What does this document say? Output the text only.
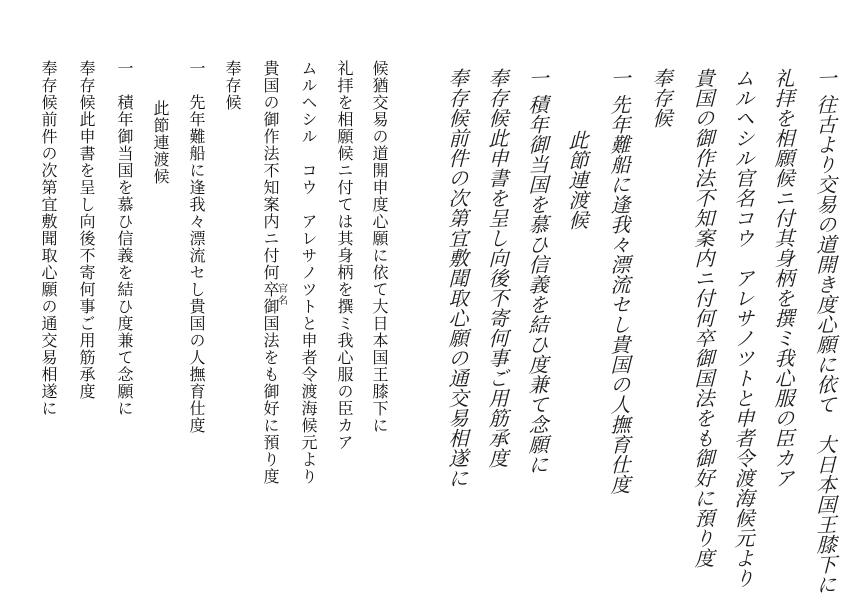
候猶交易の道開申度心願に依て大日本国王膝下に
礼拝を相願候ニ付ては其身柄を撰ミ我心服の臣カア
ムルヘシル　コウ　アレサノツトと申者令渡海候元より
官
名
貴国の御作法不知案内ニ付何卒御国法をも御好に預り度
奉存候
一　先年難船に逢我々漂流セし貴国の人撫育仕度
此節連渡候
一　積年御当国を慕ひ信義を結ひ度兼て念願に
奉存候此申書を呈し向後不寄何事ご用筋承度
奉存候前件の次第宜敷聞取心願の通交易相遂に	一 往古より交易の道開き度心願に依て　大日本国王膝下に
礼拝を相願候ニ付其身柄を撰ミ我心服の臣カア
ムルヘシル官名コウ　アレサノツトと申者令渡海候元より
貴国の御作法不知案内ニ付何卒御国法をも御好に預り度
奉存候
一 先年難船に逢我々漂流セし貴国の人撫育仕度
此節連渡候
一 積年御当国を慕ひ信義を結ひ度兼て念願に
奉存候此申書を呈し向後不寄何事ご用筋承度
奉存候前件の次第宜敷聞取心願の通交易相遂に
